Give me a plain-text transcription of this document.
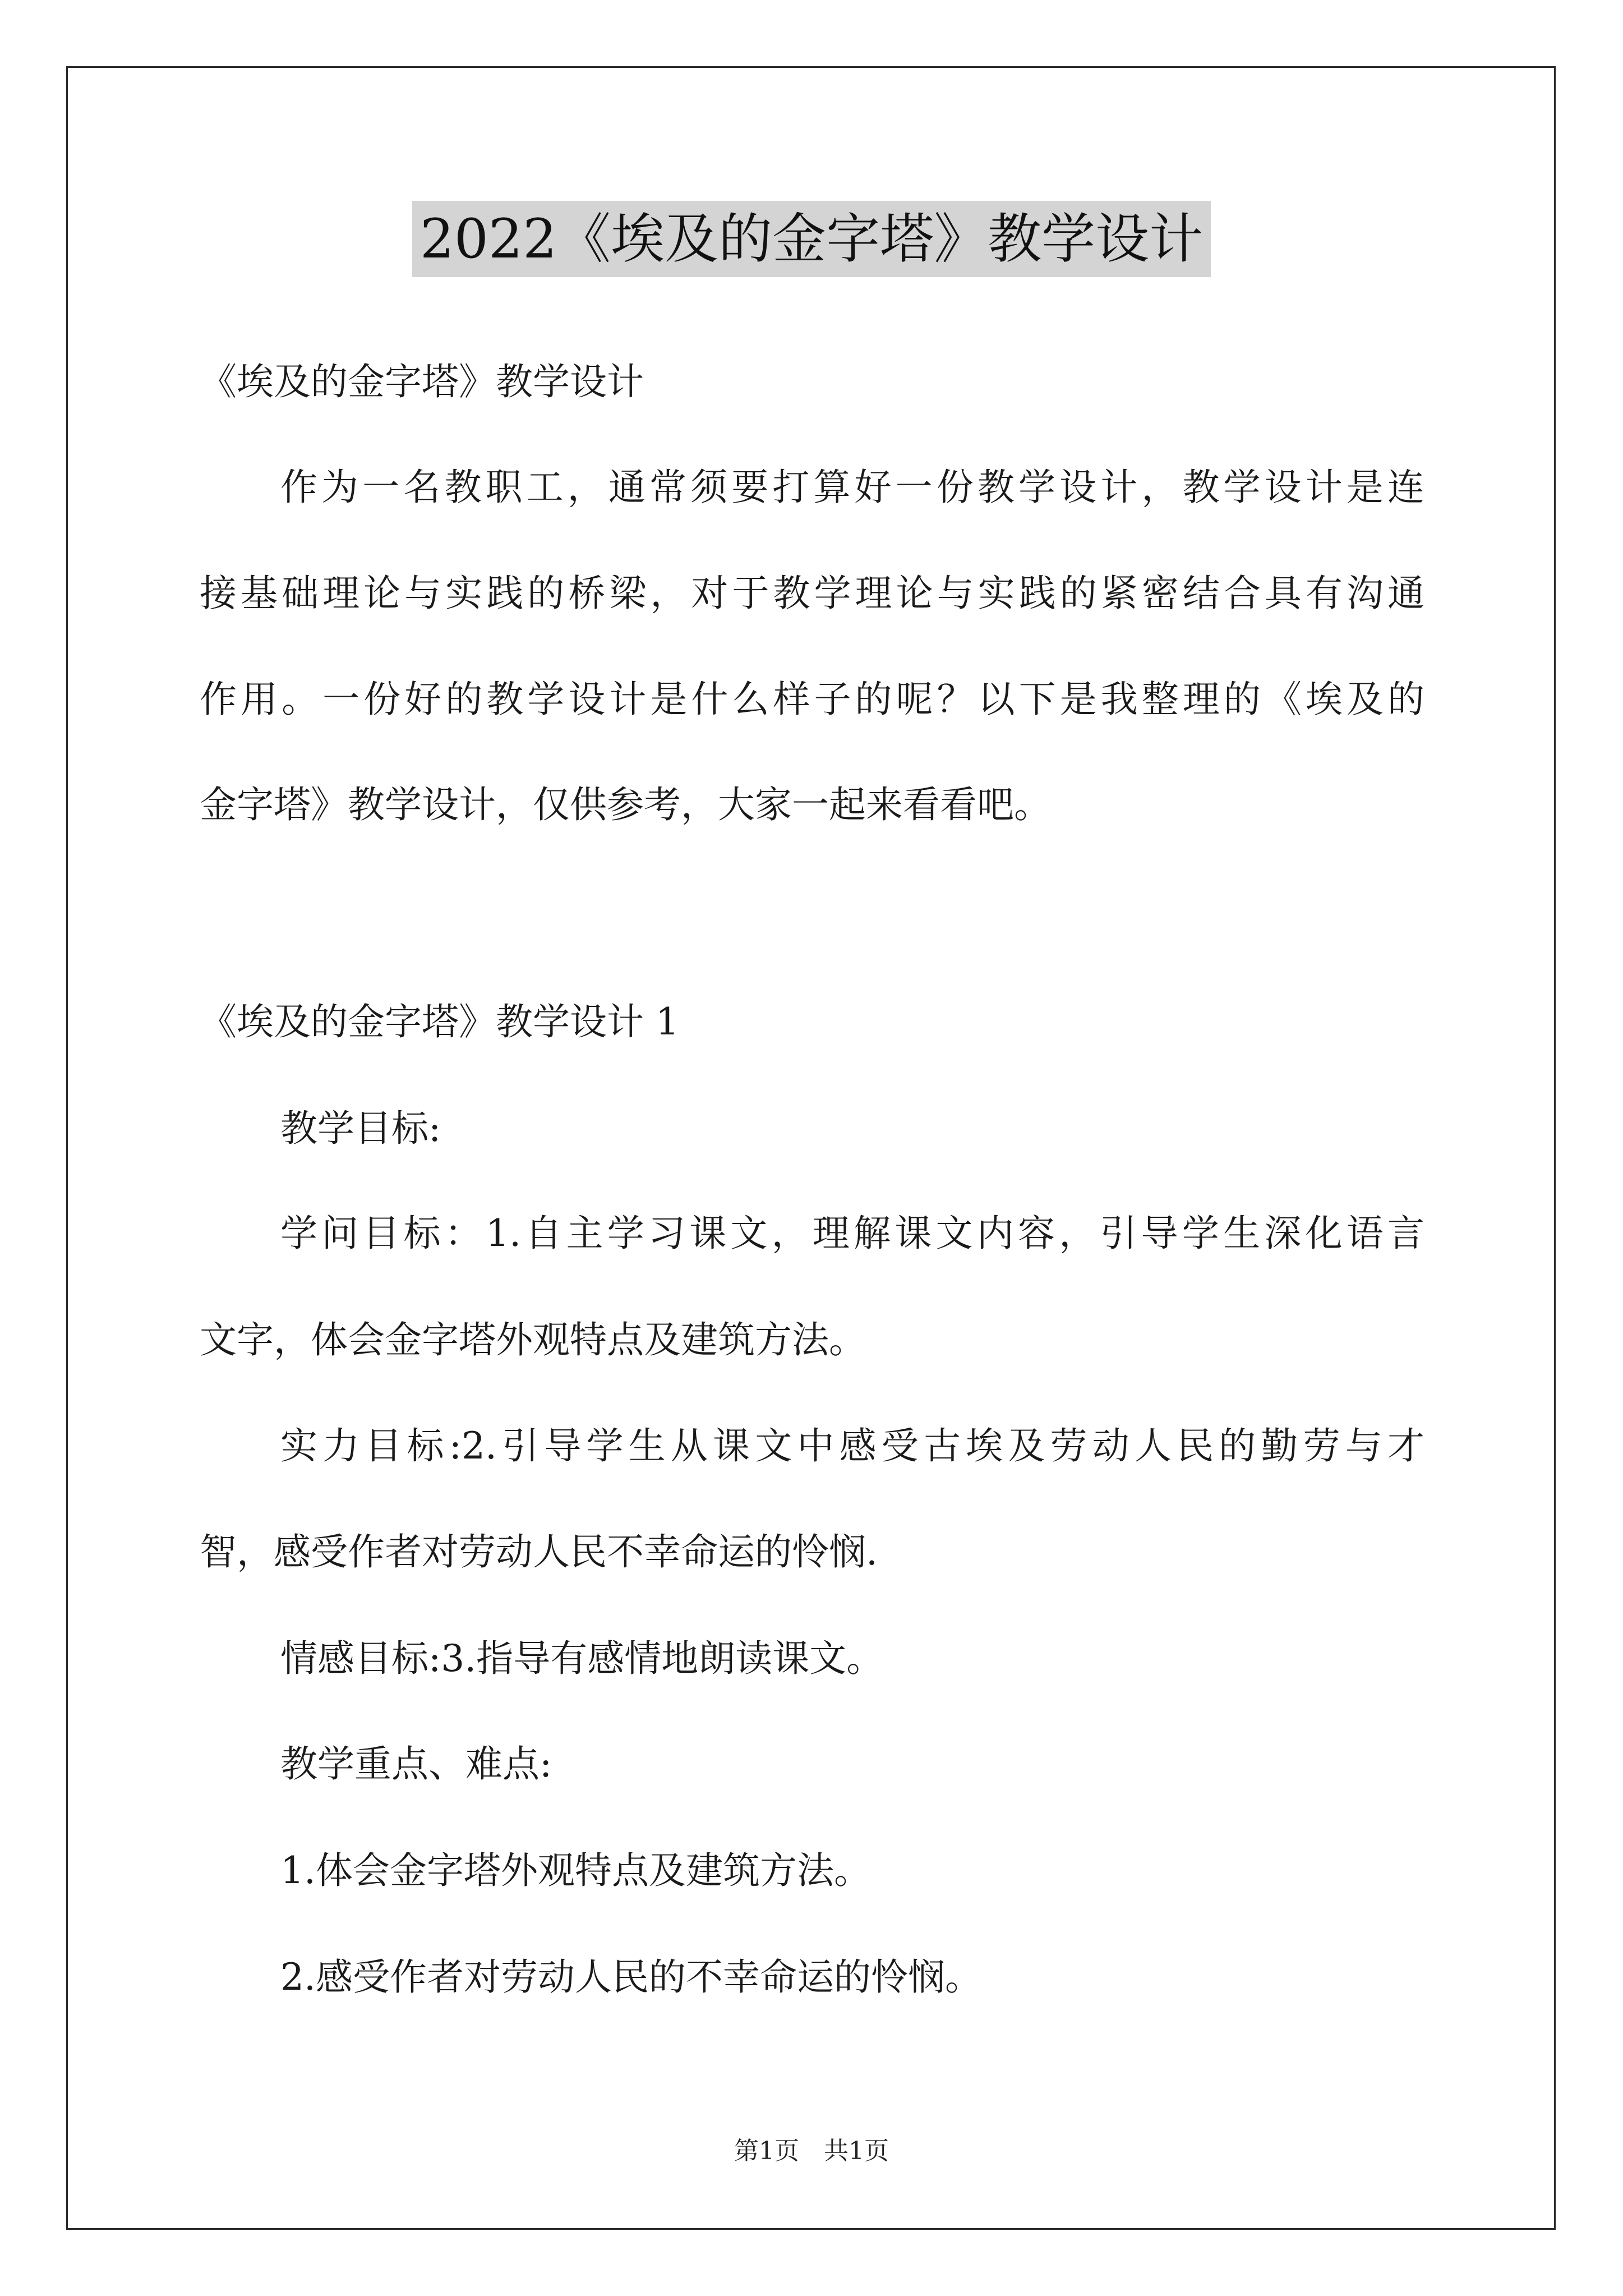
2022《埃及的金字塔》教学设计
《埃及的金字塔》教学设计
作为一名教职工，通常须要打算好一份教学设计，教学设计是连
接基础理论与实践的桥梁，对于教学理论与实践的紧密结合具有沟通
作用。一份好的教学设计是什么样子的呢？以下是我整理的《埃及的
金字塔》教学设计，仅供参考，大家一起来看看吧。
《埃及的金字塔》教学设计 1
教学目标:
学问目标：1.自主学习课文，理解课文内容，引导学生深化语言
文字，体会金字塔外观特点及建筑方法。
实力目标:2.引导学生从课文中感受古埃及劳动人民的勤劳与才
智，感受作者对劳动人民不幸命运的怜悯.
情感目标:3.指导有感情地朗读课文。
教学重点、难点:
1.体会金字塔外观特点及建筑方法。
2.感受作者对劳动人民的不幸命运的怜悯。
第1页　共1页
